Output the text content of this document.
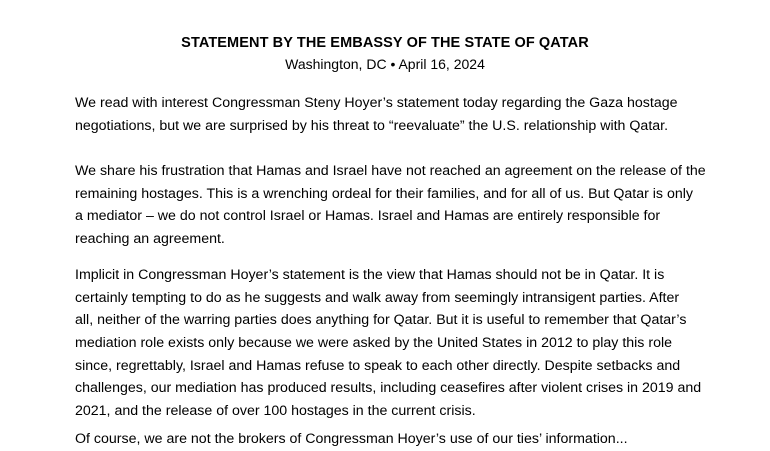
STATEMENT BY THE EMBASSY OF THE STATE OF QATAR
Washington, DC • April 16, 2024
We read with interest Congressman Steny Hoyer’s statement today regarding the Gaza hostage
negotiations, but we are surprised by his threat to “reevaluate” the U.S. relationship with Qatar.
We share his frustration that Hamas and Israel have not reached an agreement on the release of the
remaining hostages. This is a wrenching ordeal for their families, and for all of us. But Qatar is only
a mediator – we do not control Israel or Hamas. Israel and Hamas are entirely responsible for
reaching an agreement.
Implicit in Congressman Hoyer’s statement is the view that Hamas should not be in Qatar. It is
certainly tempting to do as he suggests and walk away from seemingly intransigent parties. After
all, neither of the warring parties does anything for Qatar. But it is useful to remember that Qatar’s
mediation role exists only because we were asked by the United States in 2012 to play this role
since, regrettably, Israel and Hamas refuse to speak to each other directly. Despite setbacks and
challenges, our mediation has produced results, including ceasefires after violent crises in 2019 and
2021, and the release of over 100 hostages in the current crisis.
Of course, we are not the brokers of Congressman Hoyer’s use of our ties’ information...
